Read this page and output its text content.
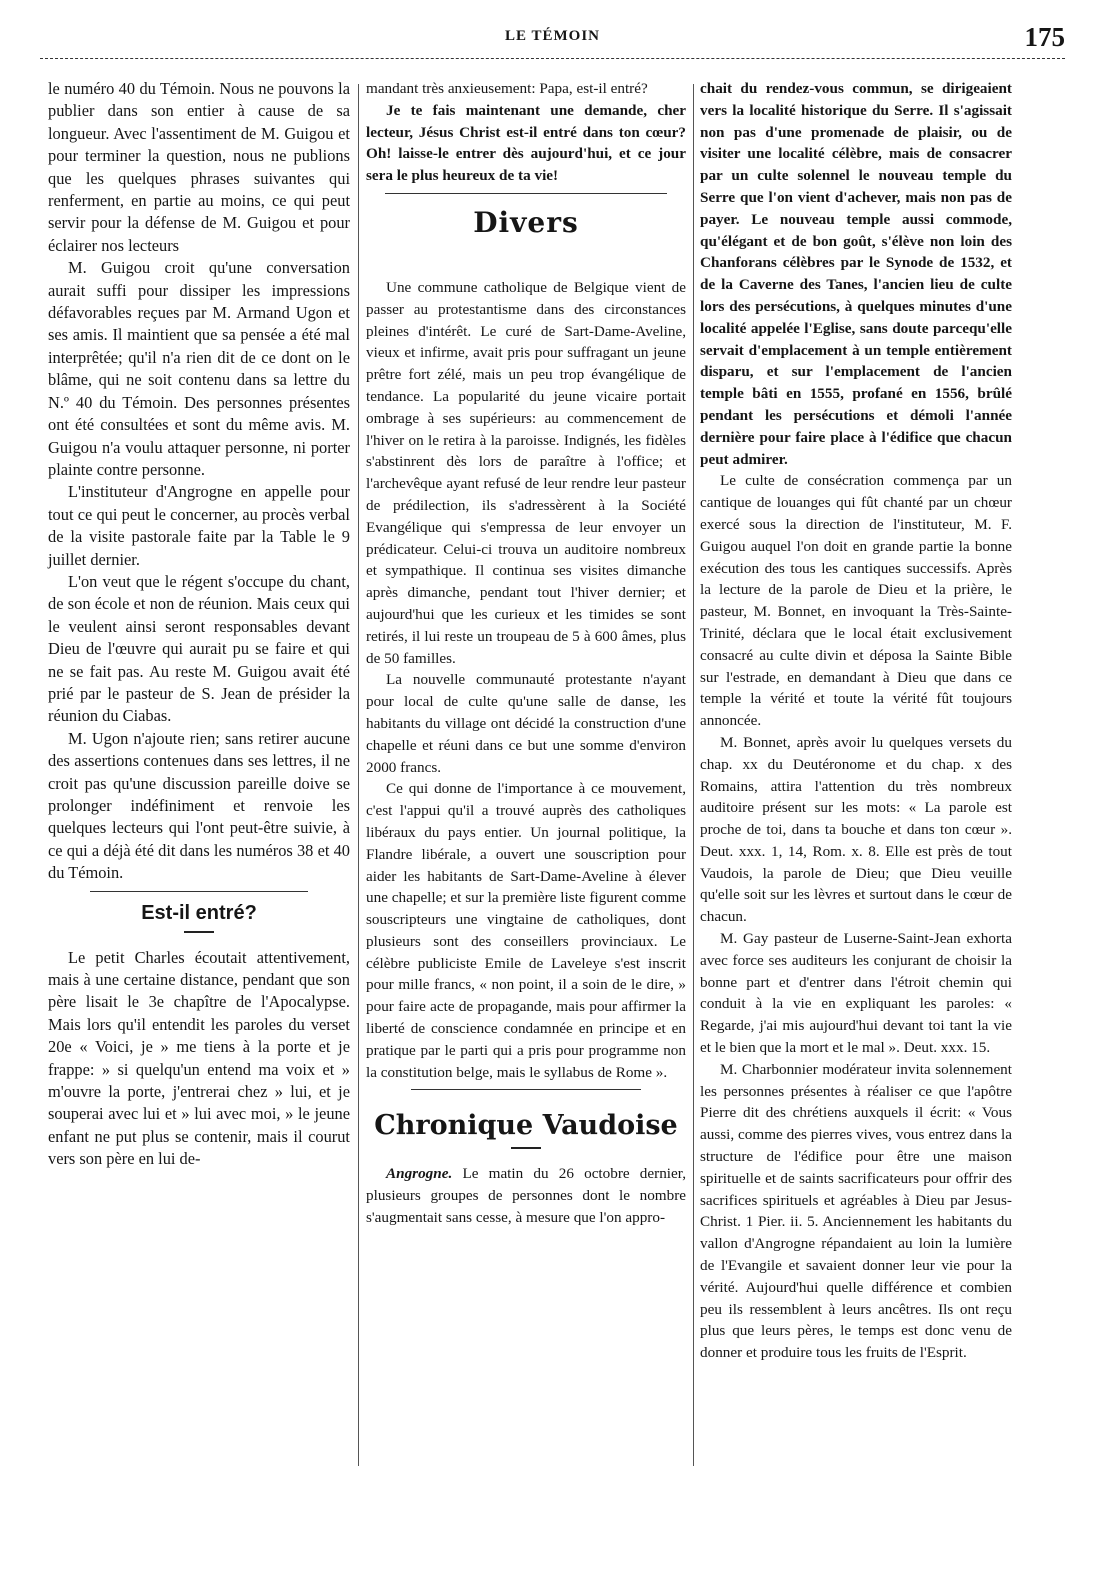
LE TÉMOIN	175

le numéro 40 du Témoin. Nous ne pouvons la publier dans son entier à cause de sa longueur. Avec l'assentiment de M. Guigou et pour terminer la question, nous ne publions que les quelques phrases suivantes qui renferment, en partie au moins, ce qui peut servir pour la défense de M. Guigou et pour éclairer nos lecteurs

M. Guigou croit qu'une conversation aurait suffi pour dissiper les impressions défavorables reçues par M. Armand Ugon et ses amis. Il maintient que sa pensée a été mal interprêtée; qu'il n'a rien dit de ce dont on le blâme, qui ne soit contenu dans sa lettre du N.º 40 du Témoin. Des personnes présentes ont été consultées et sont du même avis. M. Guigou n'a voulu attaquer personne, ni porter plainte contre personne.

L'instituteur d'Angrogne en appelle pour tout ce qui peut le concerner, au procès verbal de la visite pastorale faite par la Table le 9 juillet dernier.

L'on veut que le régent s'occupe du chant, de son école et non de réunion. Mais ceux qui le veulent ainsi seront responsables devant Dieu de l'œuvre qui aurait pu se faire et qui ne se fait pas. Au reste M. Guigou avait été prié par le pasteur de S. Jean de présider la réunion du Ciabas.

M. Ugon n'ajoute rien; sans retirer aucune des assertions contenues dans ses lettres, il ne croit pas qu'une discussion pareille doive se prolonger indéfiniment et renvoie les quelques lecteurs qui l'ont peut-être suivie, à ce qui a déjà été dit dans les numéros 38 et 40 du Témoin.

Est-il entré?

Le petit Charles écoutait attentivement, mais à une certaine distance, pendant que son père lisait le 3e chapître de l'Apocalypse. Mais lors qu'il entendit les paroles du verset 20e « Voici, je » me tiens à la porte et je frappe: » si quelqu'un entend ma voix et » m'ouvre la porte, j'entrerai chez » lui, et je souperai avec lui et » lui avec moi, » le jeune enfant ne put plus se contenir, mais il courut vers son père en lui de-

mandant très anxieusement: Papa, est-il entré?

Je te fais maintenant une demande, cher lecteur, Jésus Christ est-il entré dans ton cœur? Oh! laisse-le entrer dès aujourd'hui, et ce jour sera le plus heureux de ta vie!

Divers

Une commune catholique de Belgique vient de passer au protestantisme dans des circonstances pleines d'intérêt. Le curé de Sart-Dame-Aveline, vieux et infirme, avait pris pour suffragant un jeune prêtre fort zélé, mais un peu trop évangélique de tendance. La popularité du jeune vicaire portait ombrage à ses supérieurs: au commencement de l'hiver on le retira à la paroisse. Indignés, les fidèles s'abstinrent dès lors de paraître à l'office; et l'archevêque ayant refusé de leur rendre leur pasteur de prédilection, ils s'adressèrent à la Société Evangélique qui s'empressa de leur envoyer un prédicateur. Celui-ci trouva un auditoire nombreux et sympathique. Il continua ses visites dimanche après dimanche, pendant tout l'hiver dernier; et aujourd'hui que les curieux et les timides se sont retirés, il lui reste un troupeau de 5 à 600 âmes, plus de 50 familles.

La nouvelle communauté protestante n'ayant pour local de culte qu'une salle de danse, les habitants du village ont décidé la construction d'une chapelle et réuni dans ce but une somme d'environ 2000 francs.

Ce qui donne de l'importance à ce mouvement, c'est l'appui qu'il a trouvé auprès des catholiques libéraux du pays entier. Un journal politique, la Flandre libérale, a ouvert une souscription pour aider les habitants de Sart-Dame-Aveline à élever une chapelle; et sur la première liste figurent comme souscripteurs une vingtaine de catholiques, dont plusieurs sont des conseillers provinciaux. Le célèbre publiciste Emile de Laveleye s'est inscrit pour mille francs, « non point, il a soin de le dire, » pour faire acte de propagande, mais pour affirmer la liberté de conscience condamnée en principe et en pratique par le parti qui a pris pour programme non la constitution belge, mais le syllabus de Rome ».

Chronique Vaudoise

Angrogne. Le matin du 26 octobre dernier, plusieurs groupes de personnes dont le nombre s'augmentait sans cesse, à mesure que l'on appro-

chait du rendez-vous commun, se dirigeaient vers la localité historique du Serre. Il s'agissait non pas d'une promenade de plaisir, ou de visiter une localité célèbre, mais de consacrer par un culte solennel le nouveau temple du Serre que l'on vient d'achever, mais non pas de payer. Le nouveau temple aussi commode, qu'élégant et de bon goût, s'élève non loin des Chanforans célèbres par le Synode de 1532, et de la Caverne des Tanes, l'ancien lieu de culte lors des persécutions, à quelques minutes d'une localité appelée l'Eglise, sans doute parcequ'elle servait d'emplacement à un temple entièrement disparu, et sur l'emplacement de l'ancien temple bâti en 1555, profané en 1556, brûlé pendant les persécutions et démoli l'année dernière pour faire place à l'édifice que chacun peut admirer.

Le culte de consécration commença par un cantique de louanges qui fût chanté par un chœur exercé sous la direction de l'instituteur, M. F. Guigou auquel l'on doit en grande partie la bonne exécution des tous les cantiques successifs. Après la lecture de la parole de Dieu et la prière, le pasteur, M. Bonnet, en invoquant la Très-Sainte-Trinité, déclara que le local était exclusivement consacré au culte divin et déposa la Sainte Bible sur l'estrade, en demandant à Dieu que dans ce temple la vérité et toute la vérité fût toujours annoncée.

M. Bonnet, après avoir lu quelques versets du chap. xx du Deutéronome et du chap. x des Romains, attira l'attention du très nombreux auditoire présent sur les mots: « La parole est proche de toi, dans ta bouche et dans ton cœur ». Deut. xxx. 1, 14, Rom. x. 8. Elle est près de tout Vaudois, la parole de Dieu; que Dieu veuille qu'elle soit sur les lèvres et surtout dans le cœur de chacun.

M. Gay pasteur de Luserne-Saint-Jean exhorta avec force ses auditeurs les conjurant de choisir la bonne part et d'entrer dans l'étroit chemin qui conduit à la vie en expliquant les paroles: « Regarde, j'ai mis aujourd'hui devant toi tant la vie et le bien que la mort et le mal ». Deut. xxx. 15.

M. Charbonnier modérateur invita solennement les personnes présentes à réaliser ce que l'apôtre Pierre dit des chrétiens auxquels il écrit: « Vous aussi, comme des pierres vives, vous entrez dans la structure de l'édifice pour être une maison spirituelle et de saints sacrificateurs pour offrir des sacrifices spirituels et agréables à Dieu par Jesus-Christ. 1 Pier. ii. 5. Anciennement les habitants du vallon d'Angrogne répandaient au loin la lumière de l'Evangile et savaient donner leur vie pour la vérité. Aujourd'hui quelle différence et combien peu ils ressemblent à leurs ancêtres. Ils ont reçu plus que leurs pères, le temps est donc venu de donner et produire tous les fruits de l'Esprit.
